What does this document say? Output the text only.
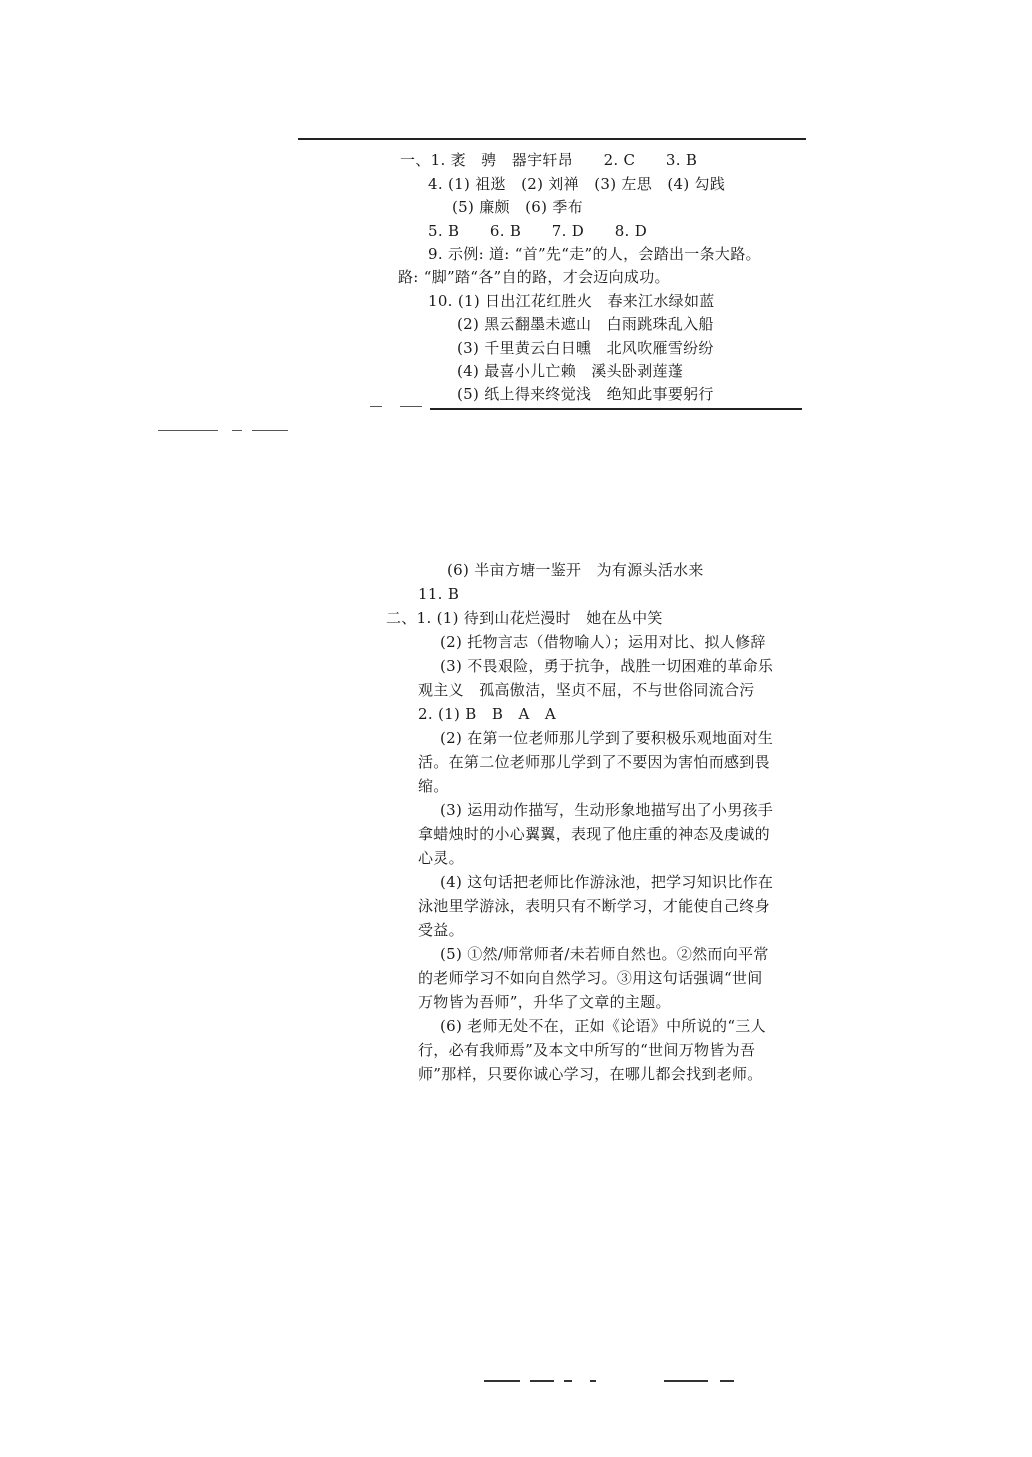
一、1. 袤　骋　器宇轩昂　　2. C　　3. B
4. (1) 祖逖　(2) 刘禅　(3) 左思　(4) 勾践
(5) 廉颇　(6) 季布
5. B　　6. B　　7. D　　8. D
9. 示例: 道: “首”先“走”的人，会踏出一条大路。
路: “脚”踏“各”自的路，才会迈向成功。
10. (1) 日出江花红胜火　春来江水绿如蓝
(2) 黑云翻墨未遮山　白雨跳珠乱入船
(3) 千里黄云白日曛　北风吹雁雪纷纷
(4) 最喜小儿亡赖　溪头卧剥莲蓬
(5) 纸上得来终觉浅　绝知此事要躬行
(6) 半亩方塘一鉴开　为有源头活水来
11. B
二、1. (1) 待到山花烂漫时　她在丛中笑
(2) 托物言志（借物喻人）；运用对比、拟人修辞
(3) 不畏艰险，勇于抗争，战胜一切困难的革命乐
观主义　孤高傲洁，坚贞不屈，不与世俗同流合污
2. (1) B　B　A　A
(2) 在第一位老师那儿学到了要积极乐观地面对生
活。在第二位老师那儿学到了不要因为害怕而感到畏
缩。
(3) 运用动作描写，生动形象地描写出了小男孩手
拿蜡烛时的小心翼翼，表现了他庄重的神态及虔诚的
心灵。
(4) 这句话把老师比作游泳池，把学习知识比作在
泳池里学游泳，表明只有不断学习，才能使自己终身
受益。
(5) ①然/师常师者/未若师自然也。②然而向平常
的老师学习不如向自然学习。③用这句话强调“世间
万物皆为吾师”，升华了文章的主题。
(6) 老师无处不在，正如《论语》中所说的“三人
行，必有我师焉”及本文中所写的“世间万物皆为吾
师”那样，只要你诚心学习，在哪儿都会找到老师。
